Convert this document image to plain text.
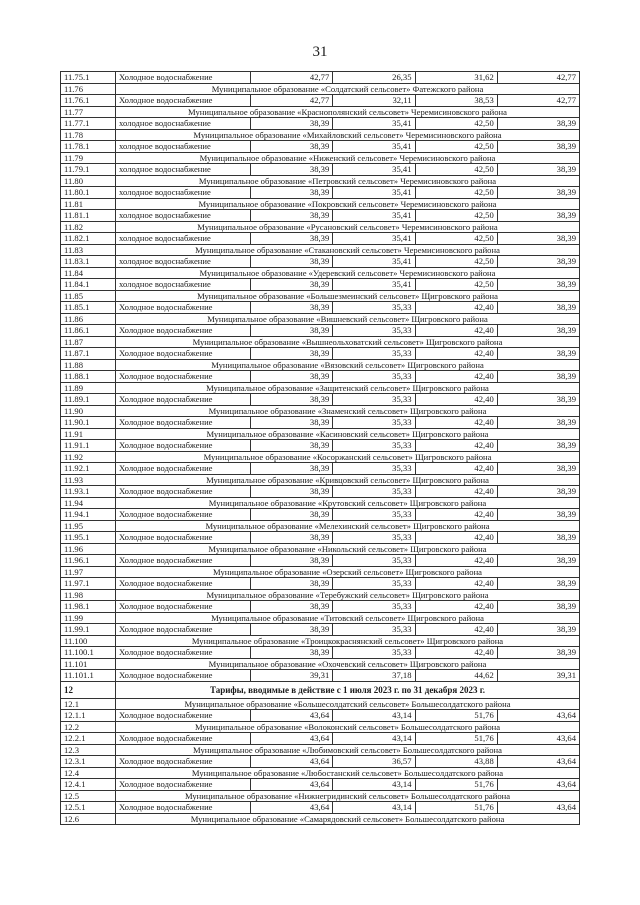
31
11.75.1	Холодное водоснабжение	42,77	26,35	31,62	42,77
11.76	Муниципальное образование «Солдатский сельсовет» Фатежского района				
11.76.1	Холодное водоснабжение	42,77	32,11	38,53	42,77
11.77	Муниципальное образование «Краснополянский сельсовет» Черемисиновского района				
11.77.1	холодное водоснабжение	38,39	35,41	42,50	38,39
11.78	Муниципальное образование «Михайловский сельсовет» Черемисиновского района				
11.78.1	холодное водоснабжение	38,39	35,41	42,50	38,39
11.79	Муниципальное образование «Ниженский сельсовет» Черемисиновского района				
11.79.1	холодное водоснабжение	38,39	35,41	42,50	38,39
11.80	Муниципальное образование «Петровский сельсовет» Черемисиновского района				
11.80.1	холодное водоснабжение	38,39	35,41	42,50	38,39
11.81	Муниципальное образование «Покровский сельсовет» Черемисиновского района				
11.81.1	холодное водоснабжение	38,39	35,41	42,50	38,39
11.82	Муниципальное образование «Русановский сельсовет» Черемисиновского района				
11.82.1	холодное водоснабжение	38,39	35,41	42,50	38,39
11.83	Муниципальное образование «Стакановский сельсовет» Черемисиновского района				
11.83.1	холодное водоснабжение	38,39	35,41	42,50	38,39
11.84	Муниципальное образование «Удеревский сельсовет» Черемисиновского района				
11.84.1	холодное водоснабжение	38,39	35,41	42,50	38,39
11.85	Муниципальное образование «Большезмеинский сельсовет» Щигровского района				
11.85.1	Холодное водоснабжение	38,39	35,33	42,40	38,39
11.86	Муниципальное образование «Вишневский сельсовет» Щигровского района				
11.86.1	Холодное водоснабжение	38,39	35,33	42,40	38,39
11.87	Муниципальное образование «Вышнеольховатский сельсовет» Щигровского района				
11.87.1	Холодное водоснабжение	38,39	35,33	42,40	38,39
11.88	Муниципальное образование «Вязовский сельсовет» Щигровского района				
11.88.1	Холодное водоснабжение	38,39	35,33	42,40	38,39
11.89	Муниципальное образование «Защитенский сельсовет» Щигровского района				
11.89.1	Холодное водоснабжение	38,39	35,33	42,40	38,39
11.90	Муниципальное образование «Знаменский сельсовет» Щигровского района				
11.90.1	Холодное водоснабжение	38,39	35,33	42,40	38,39
11.91	Муниципальное образование «Касиновский сельсовет» Щигровского района				
11.91.1	Холодное водоснабжение	38,39	35,33	42,40	38,39
11.92	Муниципальное образование «Косоржанский сельсовет» Щигровского района				
11.92.1	Холодное водоснабжение	38,39	35,33	42,40	38,39
11.93	Муниципальное образование «Кривцовский сельсовет» Щигровского района				
11.93.1	Холодное водоснабжение	38,39	35,33	42,40	38,39
11.94	Муниципальное образование «Крутовский сельсовет» Щигровского района				
11.94.1	Холодное водоснабжение	38,39	35,33	42,40	38,39
11.95	Муниципальное образование «Мелехинский сельсовет» Щигровского района				
11.95.1	Холодное водоснабжение	38,39	35,33	42,40	38,39
11.96	Муниципальное образование «Никольский сельсовет» Щигровского района				
11.96.1	Холодное водоснабжение	38,39	35,33	42,40	38,39
11.97	Муниципальное образование «Озерский сельсовет» Щигровского района				
11.97.1	Холодное водоснабжение	38,39	35,33	42,40	38,39
11.98	Муниципальное образование «Теребужский сельсовет» Щигровского района				
11.98.1	Холодное водоснабжение	38,39	35,33	42,40	38,39
11.99	Муниципальное образование «Титовский сельсовет» Щигровского района				
11.99.1	Холодное водоснабжение	38,39	35,33	42,40	38,39
11.100	Муниципальное образование «Троицкокраснянский сельсовет» Щигровского района				
11.100.1	Холодное водоснабжение	38,39	35,33	42,40	38,39
11.101	Муниципальное образование «Охочевский сельсовет» Щигровского района				
11.101.1	Холодное водоснабжение	39,31	37,18	44,62	39,31
12	Тарифы, вводимые в действие с 1 июля 2023 г. по 31 декабря 2023 г.				
12.1	Муниципальное образование «Большесолдатский сельсовет» Большесолдатского района				
12.1.1	Холодное водоснабжение	43,64	43,14	51,76	43,64
12.2	Муниципальное образование «Волоконский сельсовет» Большесолдатского района				
12.2.1	Холодное водоснабжение	43,64	43,14	51,76	43,64
12.3	Муниципальное образование «Любимовский сельсовет» Большесолдатского района				
12.3.1	Холодное водоснабжение	43,64	36,57	43,88	43,64
12.4	Муниципальное образование «Любостанский сельсовет» Большесолдатского района				
12.4.1	Холодное водоснабжение	43,64	43,14	51,76	43,64
12.5	Муниципальное образование «Нижнегридинский сельсовет» Большесолдатского района				
12.5.1	Холодное водоснабжение	43,64	43,14	51,76	43,64
12.6	Муниципальное образование «Самарядовский сельсовет» Большесолдатского района				
